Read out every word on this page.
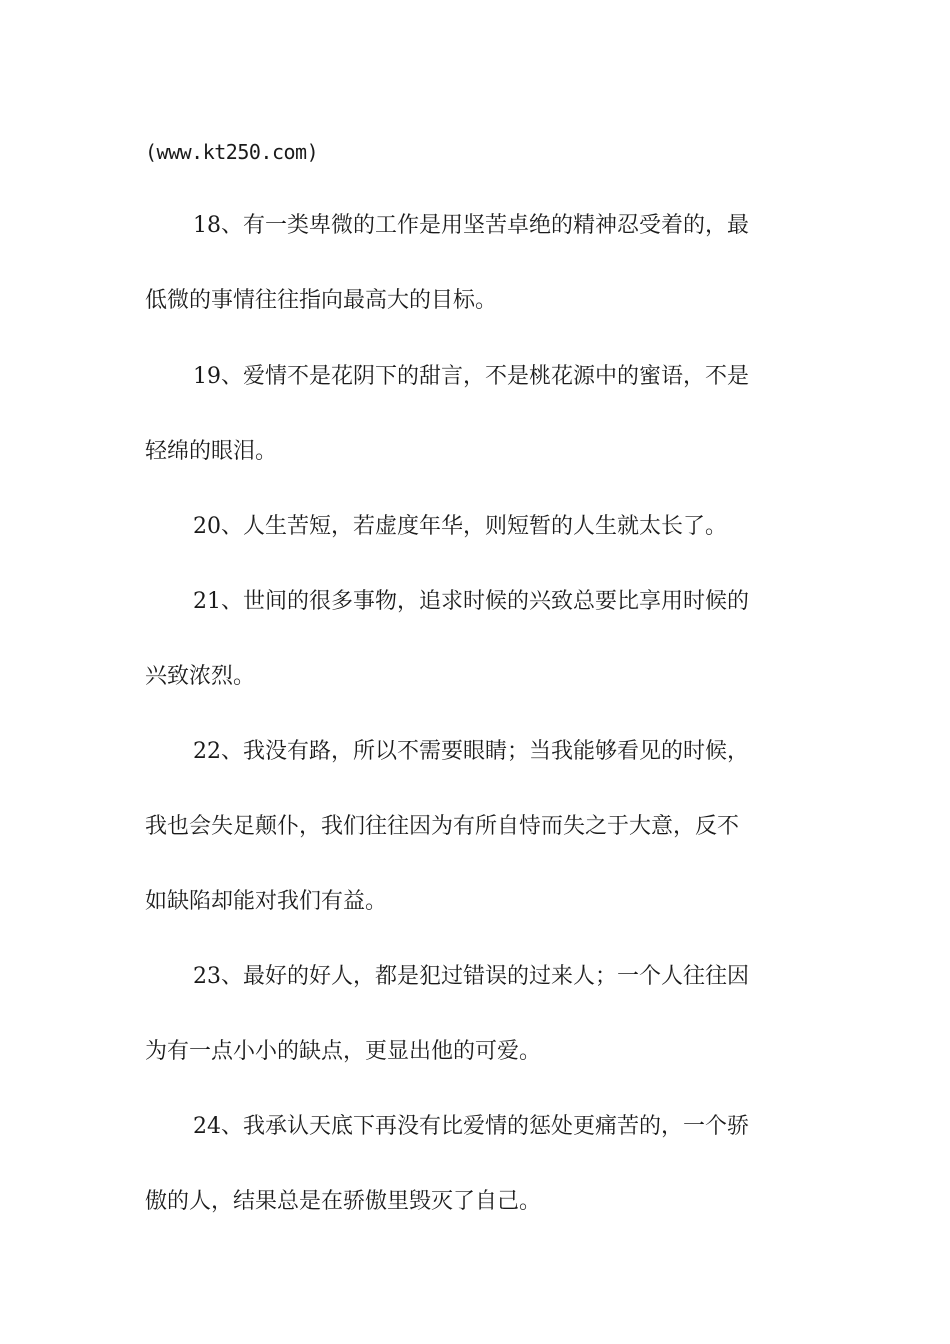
(www.kt250.com)
18、有一类卑微的工作是用坚苦卓绝的精神忍受着的，最
低微的事情往往指向最高大的目标。
19、爱情不是花阴下的甜言，不是桃花源中的蜜语，不是
轻绵的眼泪。
20、人生苦短，若虚度年华，则短暂的人生就太长了。
21、世间的很多事物，追求时候的兴致总要比享用时候的
兴致浓烈。
22、我没有路，所以不需要眼睛；当我能够看见的时候，
我也会失足颠仆，我们往往因为有所自恃而失之于大意，反不
如缺陷却能对我们有益。
23、最好的好人，都是犯过错误的过来人；一个人往往因
为有一点小小的缺点，更显出他的可爱。
24、我承认天底下再没有比爱情的惩处更痛苦的，一个骄
傲的人，结果总是在骄傲里毁灭了自己。
